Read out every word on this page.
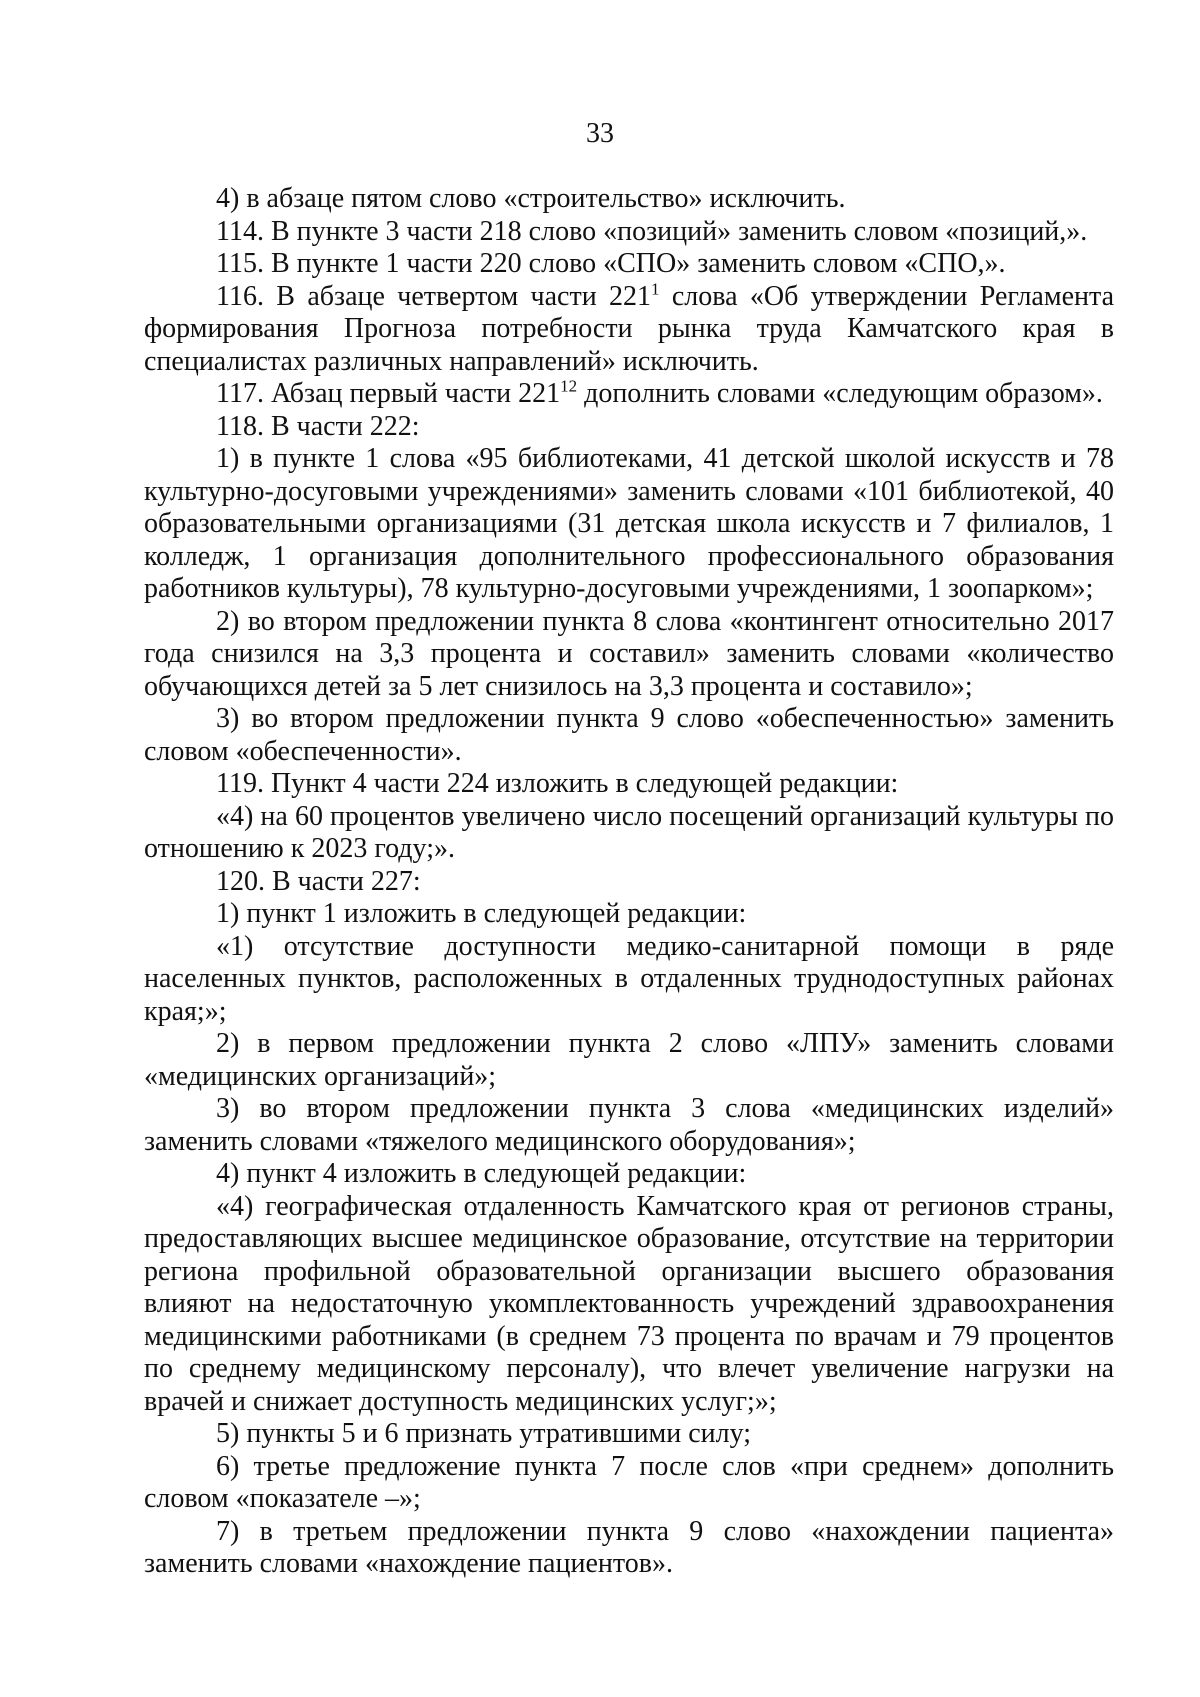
33

4) в абзаце пятом слово «строительство» исключить.

114. В пункте 3 части 218 слово «позиций» заменить словом «позиций,».

115. В пункте 1 части 220 слово «СПО» заменить словом «СПО,».

116. В абзаце четвертом части $221^1$ слова «Об утверждении Регламента формирования Прогноза потребности рынка труда Камчатского края в специалистах различных направлений» исключить.

117. Абзац первый части $221^{12}$ дополнить словами «следующим образом».

118. В части 222:

1) в пункте 1 слова «95 библиотеками, 41 детской школой искусств и 78 культурно-досуговыми учреждениями» заменить словами «101 библиотекой, 40 образовательными организациями (31 детская школа искусств и 7 филиалов, 1 колледж, 1 организация дополнительного профессионального образования работников культуры), 78 культурно-досуговыми учреждениями, 1 зоопарком»;

2) во втором предложении пункта 8 слова «контингент относительно 2017 года снизился на 3,3 процента и составил» заменить словами «количество обучающихся детей за 5 лет снизилось на 3,3 процента и составило»;

3) во втором предложении пункта 9 слово «обеспеченностью» заменить словом «обеспеченности».

119. Пункт 4 части 224 изложить в следующей редакции:

«4) на 60 процентов увеличено число посещений организаций культуры по отношению к 2023 году;».

120. В части 227:

1) пункт 1 изложить в следующей редакции:

«1) отсутствие доступности медико-санитарной помощи в ряде населенных пунктов, расположенных в отдаленных труднодоступных районах края;»;

2) в первом предложении пункта 2 слово «ЛПУ» заменить словами «медицинских организаций»;

3) во втором предложении пункта 3 слова «медицинских изделий» заменить словами «тяжелого медицинского оборудования»;

4) пункт 4 изложить в следующей редакции:

«4) географическая отдаленность Камчатского края от регионов страны, предоставляющих высшее медицинское образование, отсутствие на территории региона профильной образовательной организации высшего образования влияют на недостаточную укомплектованность учреждений здравоохранения медицинскими работниками (в среднем 73 процента по врачам и 79 процентов по среднему медицинскому персоналу), что влечет увеличение нагрузки на врачей и снижает доступность медицинских услуг;»;

5) пункты 5 и 6 признать утратившими силу;

6) третье предложение пункта 7 после слов «при среднем» дополнить словом «показателе –»;

7) в третьем предложении пункта 9 слово «нахождении пациента» заменить словами «нахождение пациентов».
